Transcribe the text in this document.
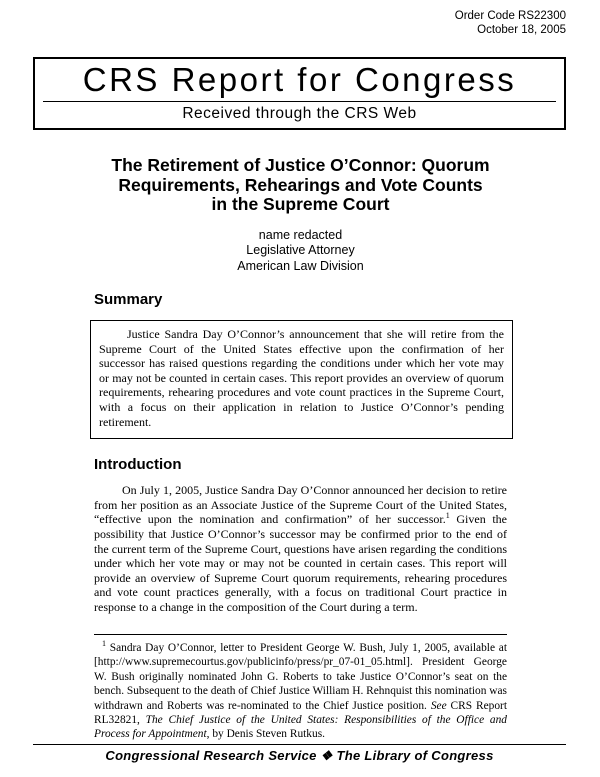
Order Code RS22300
October 18, 2005
CRS Report for Congress
Received through the CRS Web
The Retirement of Justice O’Connor: Quorum
Requirements, Rehearings and Vote Counts
in the Supreme Court
name redacted
Legislative Attorney
American Law Division
Summary

Justice Sandra Day O’Connor’s announcement that she will retire from the Supreme Court of the United States effective upon the confirmation of her successor has raised questions regarding the conditions under which her vote may or may not be counted in certain cases. This report provides an overview of quorum requirements, rehearing procedures and vote count practices in the Supreme Court, with a focus on their application in relation to Justice O’Connor’s pending retirement.

Introduction

On July 1, 2005, Justice Sandra Day O’Connor announced her decision to retire from her position as an Associate Justice of the Supreme Court of the United States, “effective upon the nomination and confirmation” of her successor.$^1$ Given the possibility that Justice O’Connor’s successor may be confirmed prior to the end of the current term of the Supreme Court, questions have arisen regarding the conditions under which her vote may or may not be counted in certain cases. This report will provide an overview of Supreme Court quorum requirements, rehearing procedures and vote count practices generally, with a focus on traditional Court practice in response to a change in the composition of the Court during a term.

$^1$ Sandra Day O’Connor, letter to President George W. Bush, July 1, 2005, available at [http://www.supremecourtus.gov/publicinfo/press/pr_07-01_05.html]. President George W. Bush originally nominated John G. Roberts to take Justice O’Connor’s seat on the bench. Subsequent to the death of Chief Justice William H. Rehnquist this nomination was withdrawn and Roberts was re-nominated to the Chief Justice position. See CRS Report RL32821, The Chief Justice of the United States: Responsibilities of the Office and Process for Appointment, by Denis Steven Rutkus.

Congressional Research Service ❖ The Library of Congress
